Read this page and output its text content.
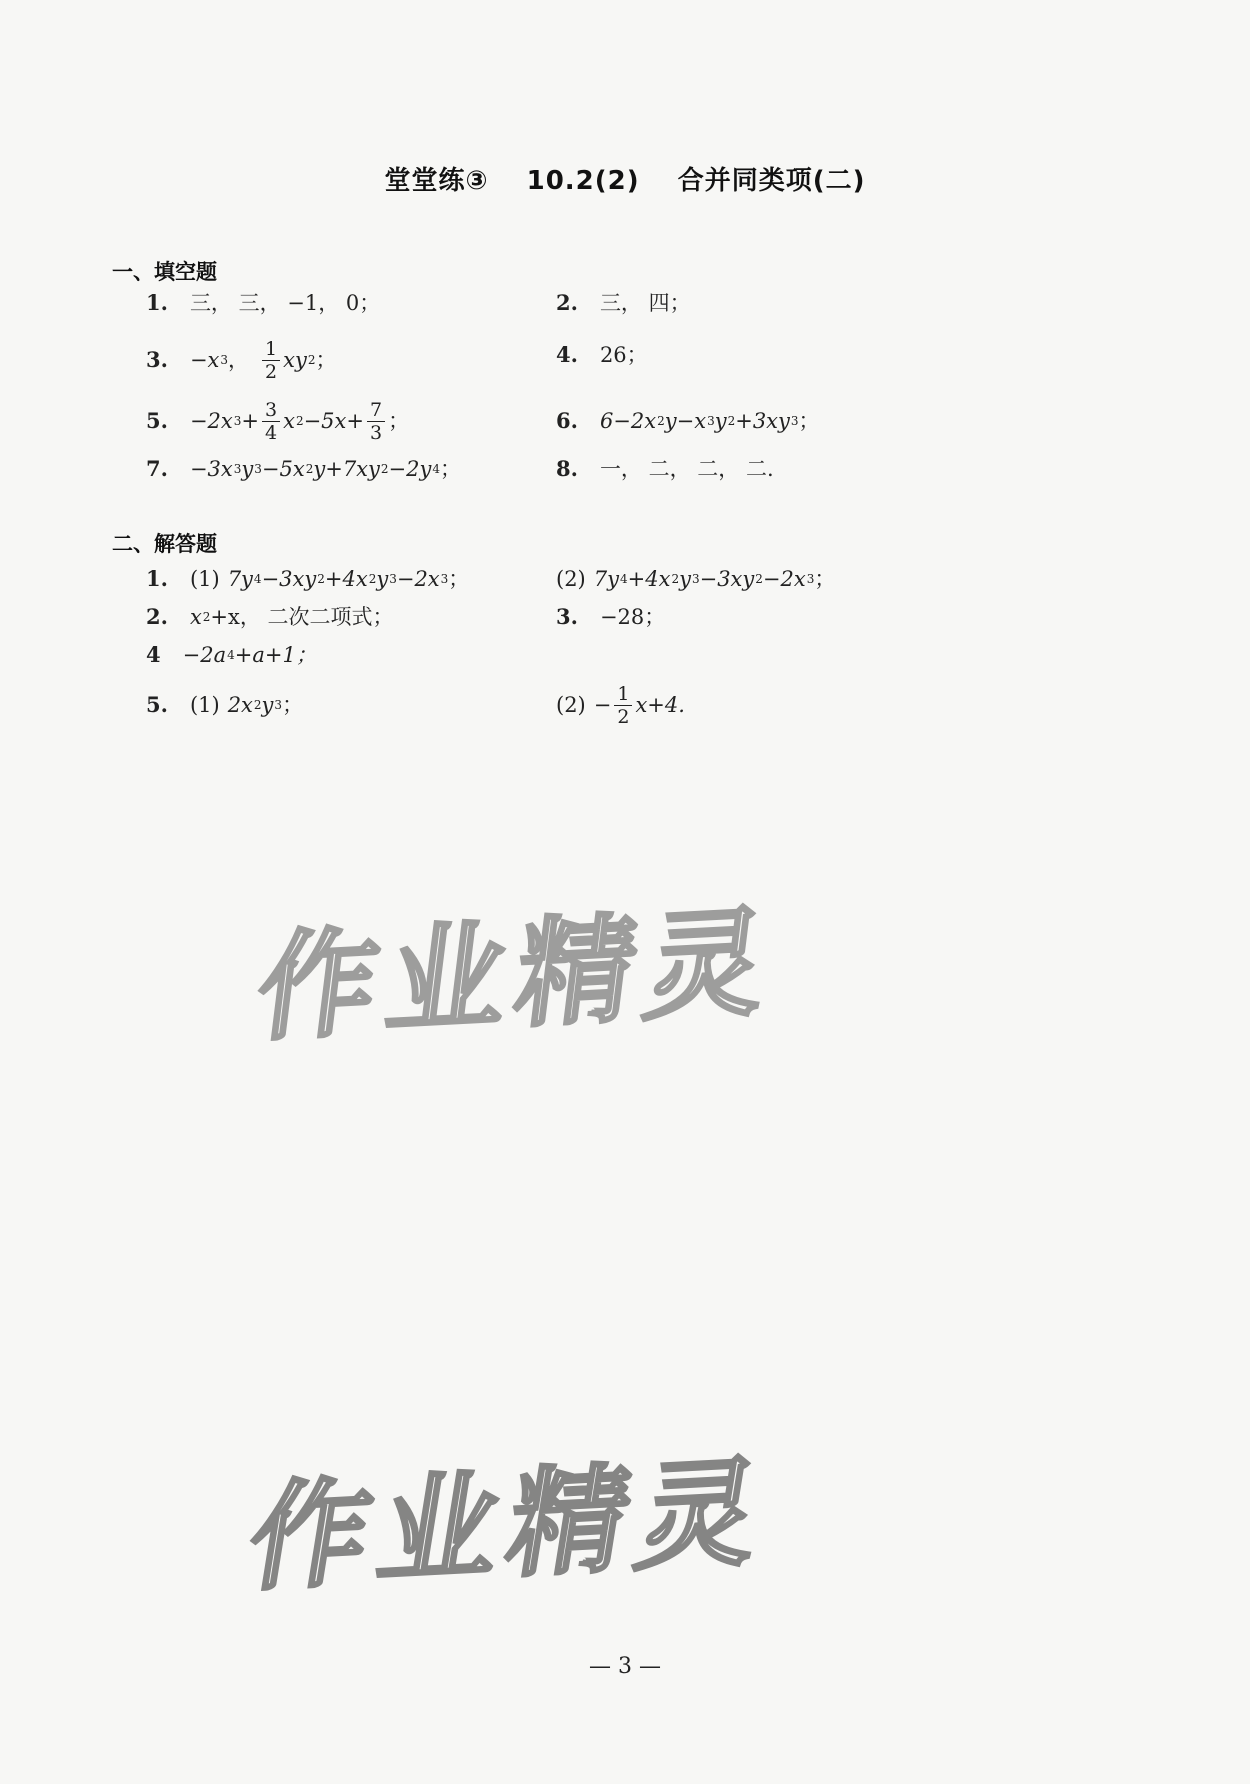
堂堂练③ 10.2(2) 合并同类项(二)
一、填空题
1. 三， 三， −1， 0；	2. 三， 四；
3. −x 3 ， $\frac{1}{2}$ xy 2 ；	4. 26；
5. −2x $3 + \frac{3}{4}$ x $2 -5x+ \frac{7}{3}$ ；	6. 6−2x 2 y−x 3 y 2 +3xy 3 ；
7. −3x 3 y 3 −5x 2 y+7xy 2 −2y 4 ；	8. 一， 二， 二， 二.
二、解答题
1. (1) 7y 4 −3xy 2 +4x 2 y 3 −2x 3 ；	(2) 7y 4 +4x 2 y 3 −3xy 2 −2x 3 ；
2. x 2 +x， 二次二项式；	3. −28；
4 −2a 4 +a+1；
5. (1) 2x 2 y 3 ；	$(2) - \frac{1}{2} x+4$.
作业精灵
作业精灵
— 3 —
